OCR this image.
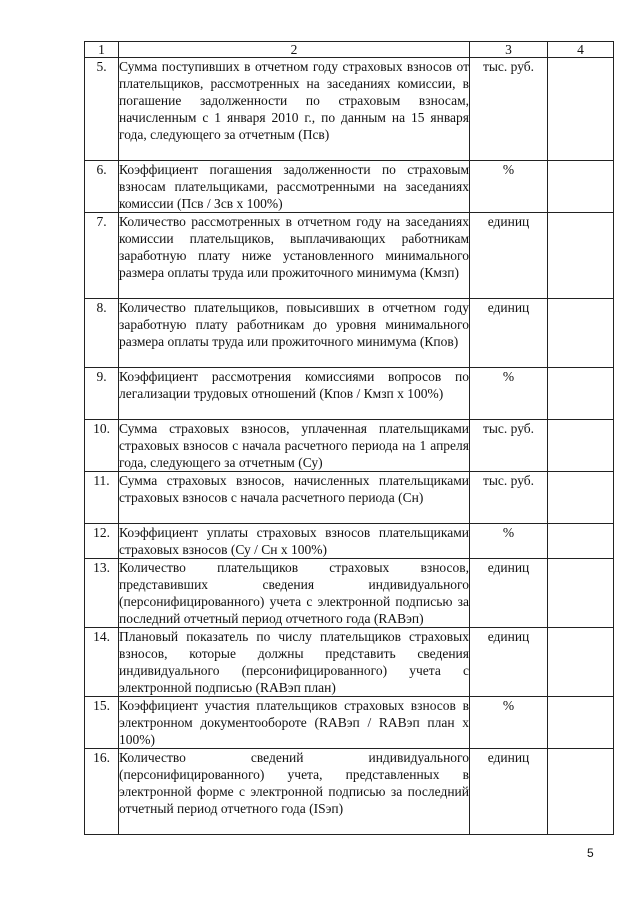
1	2	3	4
5.	Сумма поступивших в отчетном году страховых взносов от плательщиков, рассмотренных на заседаниях комиссии, в погашение задолженности по страховым взносам, начисленным с 1 января 2010 г., по данным на 15 января года, следующего за отчетным (Псв)	тыс. руб.	
6.	Коэффициент погашения задолженности по страховым взносам плательщиками, рассмотренными на заседаниях комиссии (Псв / Зсв х 100%)	%	
7.	Количество рассмотренных в отчетном году на заседаниях комиссии плательщиков, выплачивающих работникам заработную плату ниже установленного минимального размера оплаты труда или прожиточного минимума (Кмзп)	единиц	
8.	Количество плательщиков, повысивших в отчетном году заработную плату работникам до уровня минимального размера оплаты труда или прожиточного минимума (Кпов)	единиц	
9.	Коэффициент рассмотрения комиссиями вопросов по легализации трудовых отношений (Кпов / Кмзп х 100%)	%	
10.	Сумма страховых взносов, уплаченная плательщиками страховых взносов с начала расчетного периода на 1 апреля года, следующего за отчетным (Су)	тыс. руб.	
11.	Сумма страховых взносов, начисленных плательщиками страховых взносов с начала расчетного периода (Сн)	тыс. руб.	
12.	Коэффициент уплаты страховых взносов плательщиками страховых взносов (Су / Сн х 100%)	%	
13.	Количество плательщиков страховых взносов, представивших сведения индивидуального (персонифицированного) учета с электронной подписью за последний отчетный период отчетного года (RAВэп)	единиц	
14.	Плановый показатель по числу плательщиков страховых взносов, которые должны представить сведения индивидуального (персонифицированного) учета с электронной подписью (RAВэп план)	единиц	
15.	Коэффициент участия плательщиков страховых взносов в электронном документообороте (RAВэп / RAВэп план х 100%)	%	
16.	Количество сведений индивидуального (персонифицированного) учета, представленных в электронной форме с электронной подписью за последний отчетный период отчетного года (ISэп)	единиц	
5
